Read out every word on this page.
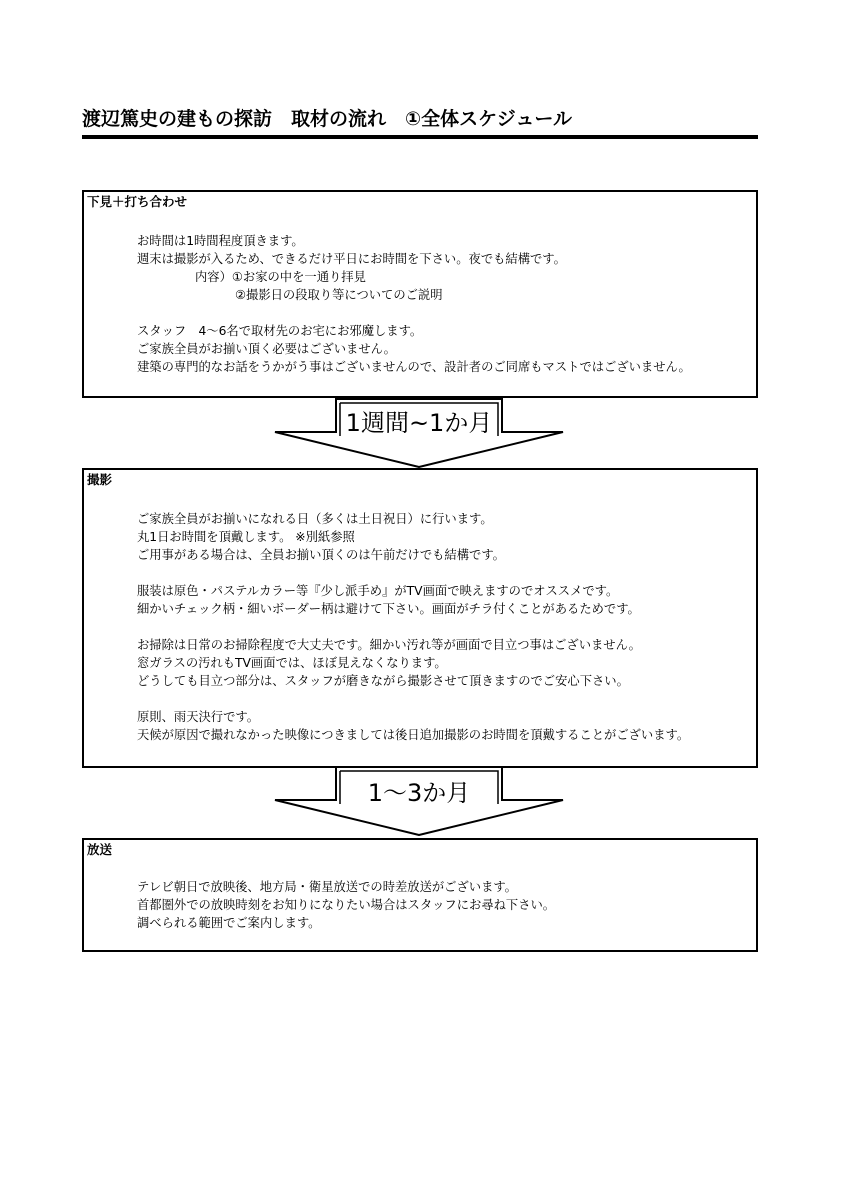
渡辺篤史の建もの探訪　取材の流れ　①全体スケジュール
下見＋打ち合わせ
お時間は1時間程度頂きます。
週末は撮影が入るため、できるだけ平日にお時間を下さい。夜でも結構です。
内容）①お家の中を一通り拝見
②撮影日の段取り等についてのご説明
スタッフ　4～6名で取材先のお宅にお邪魔します。
ご家族全員がお揃い頂く必要はございません。
建築の専門的なお話をうかがう事はございませんので、設計者のご同席もマストではございません。
1週間~1か月
撮影
ご家族全員がお揃いになれる日（多くは土日祝日）に行います。
丸1日お時間を頂戴します。 ※別紙参照
ご用事がある場合は、全員お揃い頂くのは午前だけでも結構です。
服装は原色・パステルカラー等『少し派手め』がTV画面で映えますのでオススメです。
細かいチェック柄・細いボーダー柄は避けて下さい。画面がチラ付くことがあるためです。
お掃除は日常のお掃除程度で大丈夫です。細かい汚れ等が画面で目立つ事はございません。
窓ガラスの汚れもTV画面では、ほぼ見えなくなります。
どうしても目立つ部分は、スタッフが磨きながら撮影させて頂きますのでご安心下さい。
原則、雨天決行です。
天候が原因で撮れなかった映像につきましては後日追加撮影のお時間を頂戴することがございます。
1～3か月
放送
テレビ朝日で放映後、地方局・衛星放送での時差放送がございます。
首都圏外での放映時刻をお知りになりたい場合はスタッフにお尋ね下さい。
調べられる範囲でご案内します。
